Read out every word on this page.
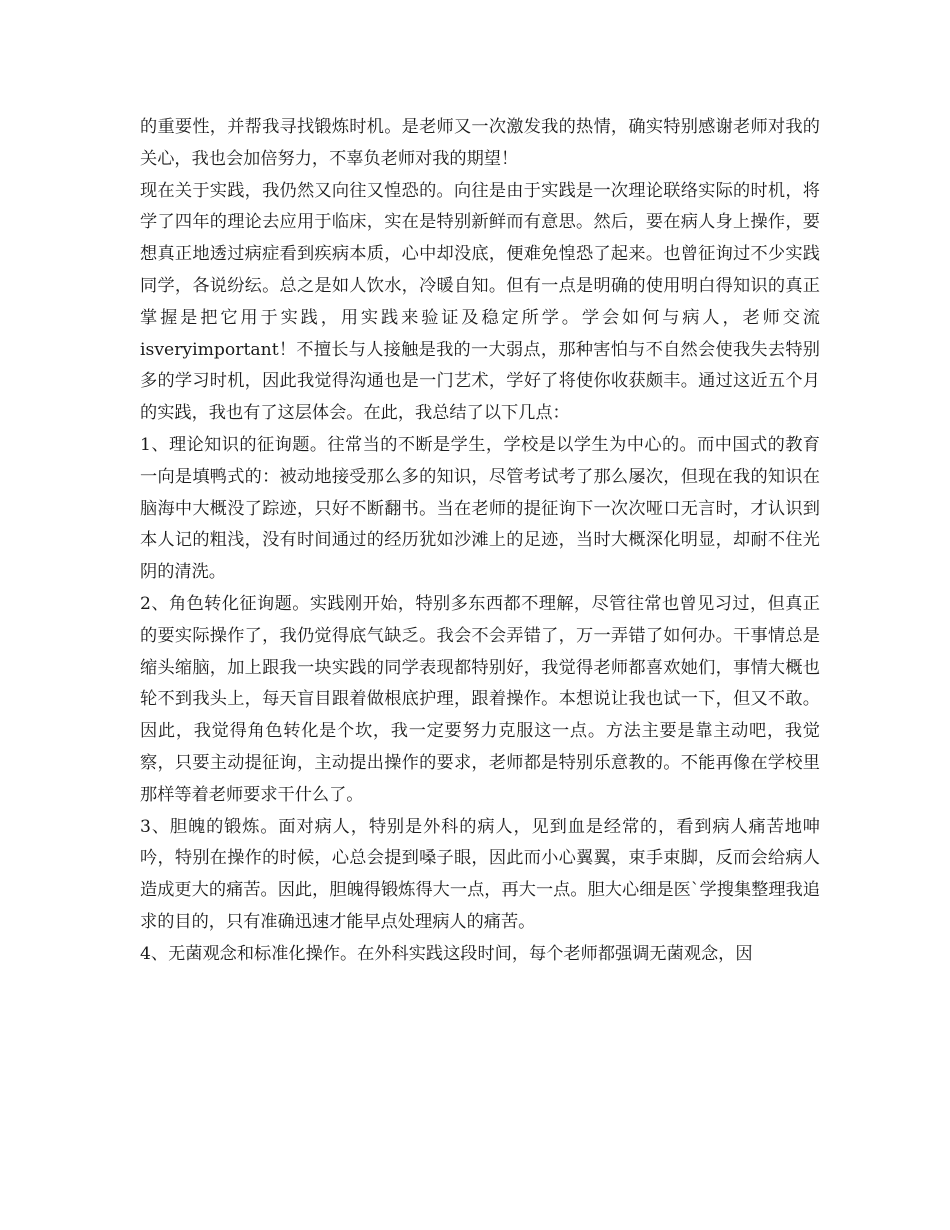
的重要性，并帮我寻找锻炼时机。是老师又一次激发我的热情，确实特别感谢老师对我的关心，我也会加倍努力，不辜负老师对我的期望！

现在关于实践，我仍然又向往又惶恐的。向往是由于实践是一次理论联络实际的时机，将学了四年的理论去应用于临床，实在是特别新鲜而有意思。然后，要在病人身上操作，要想真正地透过病症看到疾病本质，心中却没底，便难免惶恐了起来。也曾征询过不少实践同学，各说纷纭。总之是如人饮水，冷暖自知。但有一点是明确的使用明白得知识的真正掌握是把它用于实践，用实践来验证及稳定所学。学会如何与病人，老师交流isveryimportant！不擅长与人接触是我的一大弱点，那种害怕与不自然会使我失去特别多的学习时机，因此我觉得沟通也是一门艺术，学好了将使你收获颇丰。通过这近五个月的实践，我也有了这层体会。在此，我总结了以下几点：

1、理论知识的征询题。往常当的不断是学生，学校是以学生为中心的。而中国式的教育一向是填鸭式的：被动地接受那么多的知识，尽管考试考了那么屡次，但现在我的知识在脑海中大概没了踪迹，只好不断翻书。当在老师的提征询下一次次哑口无言时，才认识到本人记的粗浅，没有时间通过的经历犹如沙滩上的足迹，当时大概深化明显，却耐不住光阴的清洗。

2、角色转化征询题。实践刚开始，特别多东西都不理解，尽管往常也曾见习过，但真正的要实际操作了，我仍觉得底气缺乏。我会不会弄错了，万一弄错了如何办。干事情总是缩头缩脑，加上跟我一块实践的同学表现都特别好，我觉得老师都喜欢她们，事情大概也轮不到我头上，每天盲目跟着做根底护理，跟着操作。本想说让我也试一下，但又不敢。因此，我觉得角色转化是个坎，我一定要努力克服这一点。方法主要是靠主动吧，我觉察，只要主动提征询，主动提出操作的要求，老师都是特别乐意教的。不能再像在学校里那样等着老师要求干什么了。

3、胆魄的锻炼。面对病人，特别是外科的病人，见到血是经常的，看到病人痛苦地呻吟，特别在操作的时候，心总会提到嗓子眼，因此而小心翼翼，束手束脚，反而会给病人造成更大的痛苦。因此，胆魄得锻炼得大一点，再大一点。胆大心细是医`学搜集整理我追求的目的，只有准确迅速才能早点处理病人的痛苦。

4、无菌观念和标准化操作。在外科实践这段时间，每个老师都强调无菌观念，因
